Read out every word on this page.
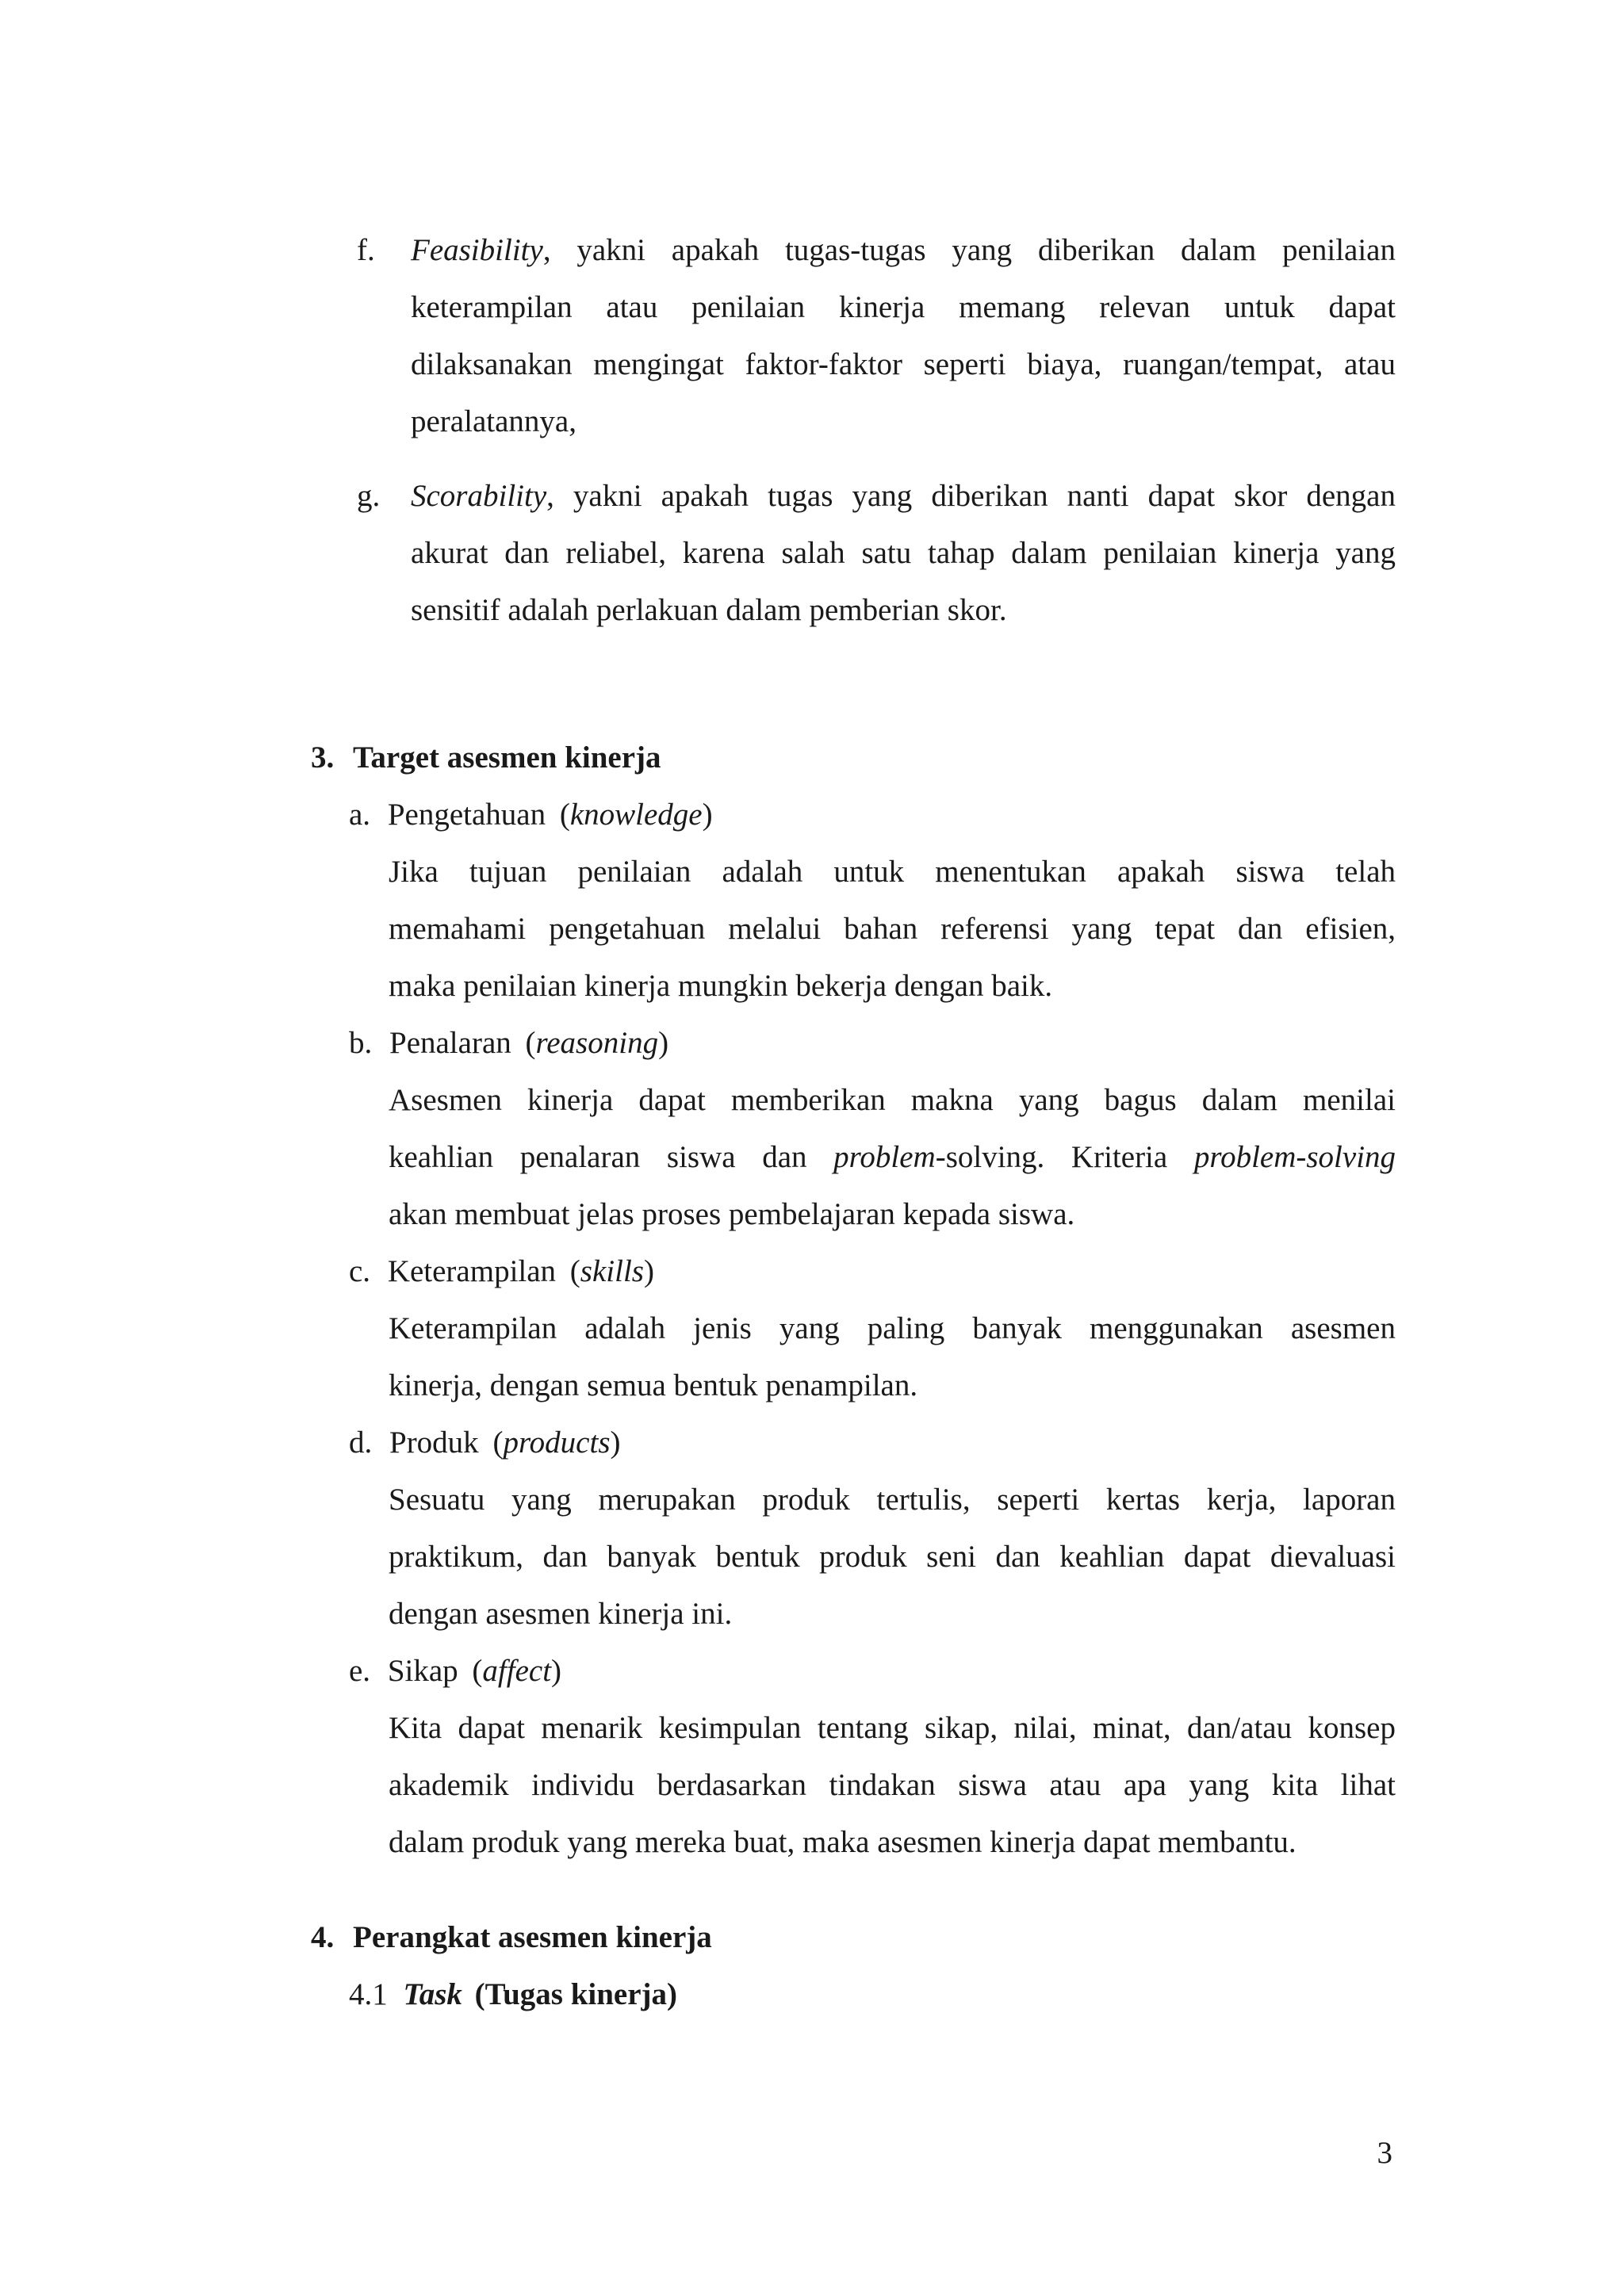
f. Feasibility, yakni apakah tugas-tugas yang diberikan dalam penilaian
keterampilan atau penilaian kinerja memang relevan untuk dapat
dilaksanakan mengingat faktor-faktor seperti biaya, ruangan/tempat, atau
peralatannya,
g. Scorability, yakni apakah tugas yang diberikan nanti dapat skor dengan
akurat dan reliabel, karena salah satu tahap dalam penilaian kinerja yang
sensitif adalah perlakuan dalam pemberian skor.
3. Target asesmen kinerja
a. Pengetahuan (knowledge)
Jika tujuan penilaian adalah untuk menentukan apakah siswa telah
memahami pengetahuan melalui bahan referensi yang tepat dan efisien,
maka penilaian kinerja mungkin bekerja dengan baik.
b. Penalaran (reasoning)
Asesmen kinerja dapat memberikan makna yang bagus dalam menilai
keahlian penalaran siswa dan problem-solving. Kriteria problem-solving
akan membuat jelas proses pembelajaran kepada siswa.
c. Keterampilan (skills)
Keterampilan adalah jenis yang paling banyak menggunakan asesmen
kinerja, dengan semua bentuk penampilan.
d. Produk (products)
Sesuatu yang merupakan produk tertulis, seperti kertas kerja, laporan
praktikum, dan banyak bentuk produk seni dan keahlian dapat dievaluasi
dengan asesmen kinerja ini.
e. Sikap (affect)
Kita dapat menarik kesimpulan tentang sikap, nilai, minat, dan/atau konsep
akademik individu berdasarkan tindakan siswa atau apa yang kita lihat
dalam produk yang mereka buat, maka asesmen kinerja dapat membantu.
4. Perangkat asesmen kinerja
4.1 Task (Tugas kinerja)
3
